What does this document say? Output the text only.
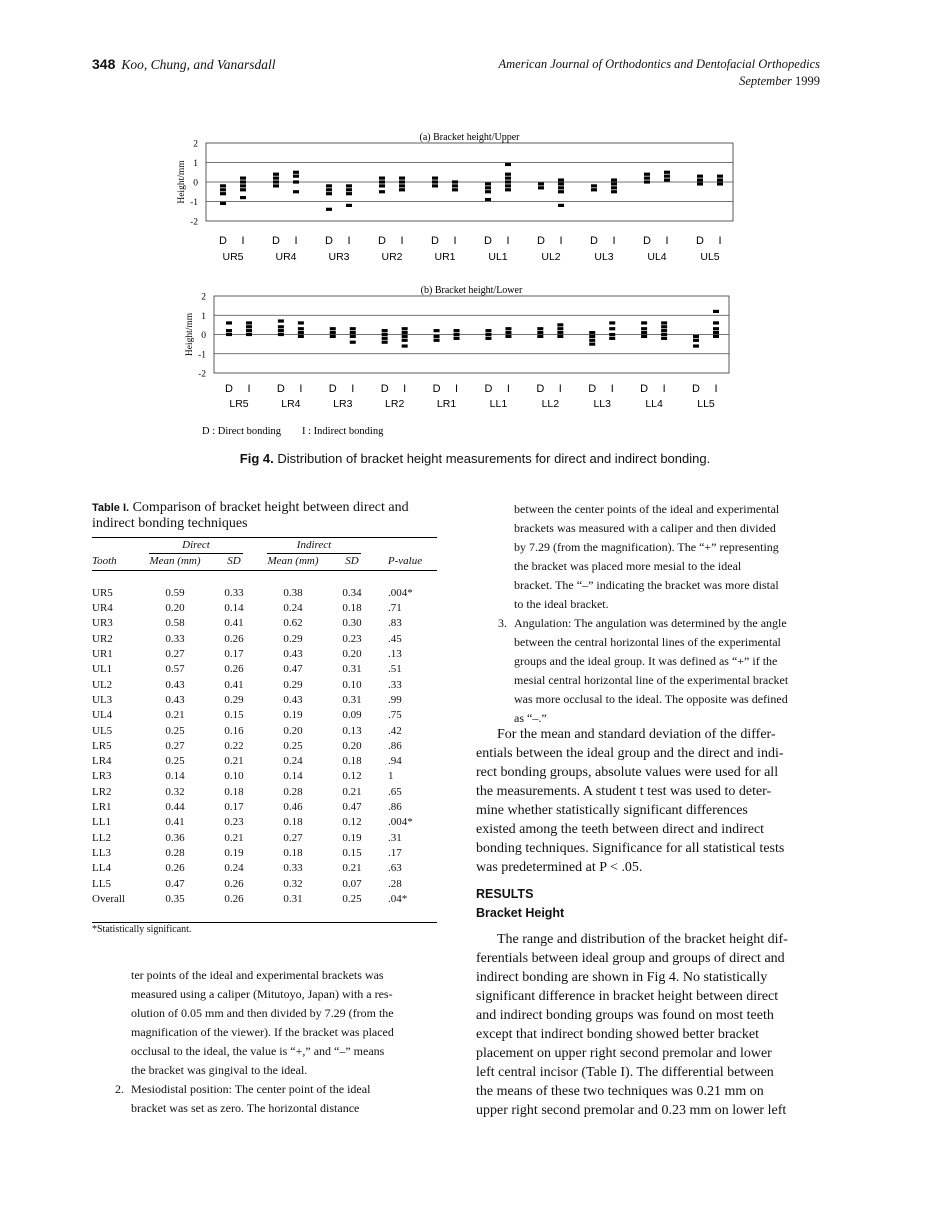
348 Koo, Chung, and Vanarsdall	American Journal of Orthodontics and Dentofacial Orthopedics
September 1999
(a) Bracket height/Upper
2
1
0
-1
-2
Height/mm
D I
UR5
D I
UR4
D I
UR3
D I
UR2
D I
UR1
D I
UL1
D I
UL2
D I
UL3
D I
UL4
D I
UL5
(b) Bracket height/Lower
2
1
0
-1
-2
Height/mm
D I
LR5
D I
LR4
D I
LR3
D I
LR2
D I
LR1
D I
LL1
D I
LL2
D I
LL3
D I
LL4
D I
LL5
D : Direct bonding I : Indirect bonding
Fig 4. Distribution of bracket height measurements for direct and indirect bonding.
Table I. Comparison of bracket height between direct and indirect bonding techniques

	Direct		Indirect		

Tooth	Mean (mm)	SD	Mean (mm)	SD	P-value

UR5	0.59	0.33	0.38	0.34	.004*
UR4	0.20	0.14	0.24	0.18	.71
UR3	0.58	0.41	0.62	0.30	.83
UR2	0.33	0.26	0.29	0.23	.45
UR1	0.27	0.17	0.43	0.20	.13
UL1	0.57	0.26	0.47	0.31	.51
UL2	0.43	0.41	0.29	0.10	.33
UL3	0.43	0.29	0.43	0.31	.99
UL4	0.21	0.15	0.19	0.09	.75
UL5	0.25	0.16	0.20	0.13	.42
LR5	0.27	0.22	0.25	0.20	.86
LR4	0.25	0.21	0.24	0.18	.94
LR3	0.14	0.10	0.14	0.12	1
LR2	0.32	0.18	0.28	0.21	.65
LR1	0.44	0.17	0.46	0.47	.86
LL1	0.41	0.23	0.18	0.12	.004*
LL2	0.36	0.21	0.27	0.19	.31
LL3	0.28	0.19	0.18	0.15	.17
LL4	0.26	0.24	0.33	0.21	.63
LL5	0.47	0.26	0.32	0.07	.28
Overall	0.35	0.26	0.31	0.25	.04*

*Statistically significant.
ter points of the ideal and experimental brackets was
measured using a caliper (Mitutoyo, Japan) with a res-
olution of 0.05 mm and then divided by 7.29 (from the
magnification of the viewer). If the bracket was placed
occlusal to the ideal, the value is “+,” and “–” means
the bracket was gingival to the ideal.
2. Mesiodistal position: The center point of the ideal
bracket was set as zero. The horizontal distance
between the center points of the ideal and experimental
brackets was measured with a caliper and then divided
by 7.29 (from the magnification). The “+” representing
the bracket was placed more mesial to the ideal
bracket. The “–” indicating the bracket was more distal
to the ideal bracket.
3. Angulation: The angulation was determined by the angle
between the central horizontal lines of the experimental
groups and the ideal group. It was defined as “+” if the
mesial central horizontal line of the experimental bracket
was more occlusal to the ideal. The opposite was defined
as “–.”
For the mean and standard deviation of the differ-
entials between the ideal group and the direct and indi-
rect bonding groups, absolute values were used for all
the measurements. A student t test was used to deter-
mine whether statistically significant differences
existed among the teeth between direct and indirect
bonding techniques. Significance for all statistical tests
was predetermined at P < .05.
RESULTS
Bracket Height
The range and distribution of the bracket height dif-
ferentials between ideal group and groups of direct and
indirect bonding are shown in Fig 4. No statistically
significant difference in bracket height between direct
and indirect bonding groups was found on most teeth
except that indirect bonding showed better bracket
placement on upper right second premolar and lower
left central incisor (Table I). The differential between
the means of these two techniques was 0.21 mm on
upper right second premolar and 0.23 mm on lower left
